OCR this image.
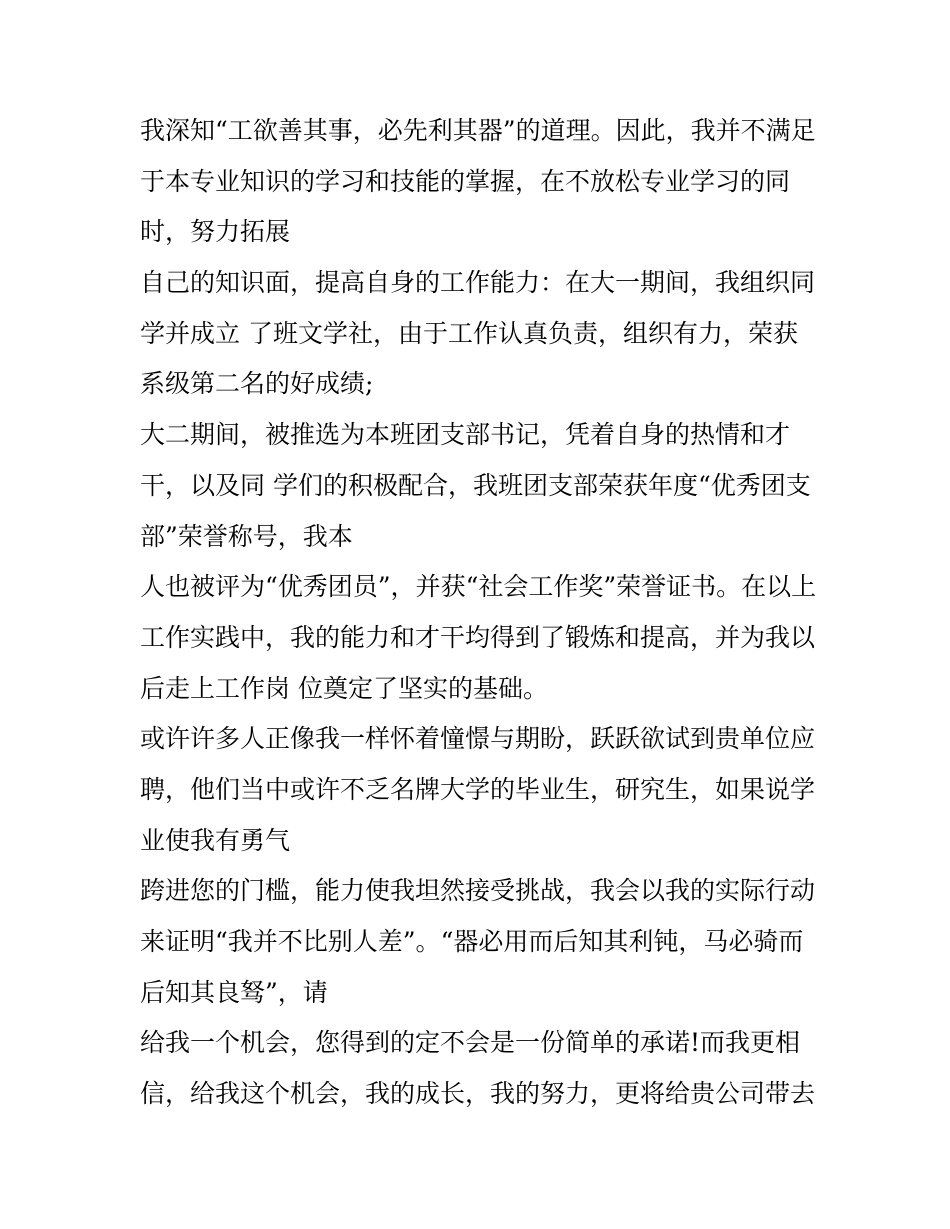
我深知“工欲善其事，必先利其器”的道理。因此，我并不满足
于本专业知识的学习和技能的掌握，在不放松专业学习的同
时，努力拓展
自己的知识面，提高自身的工作能力：在大一期间，我组织同
学并成立 了班文学社，由于工作认真负责，组织有力，荣获
系级第二名的好成绩;
大二期间，被推选为本班团支部书记，凭着自身的热情和才
干，以及同 学们的积极配合，我班团支部荣获年度“优秀团支
部”荣誉称号，我本
人也被评为“优秀团员”，并获“社会工作奖”荣誉证书。在以上
工作实践中，我的能力和才干均得到了锻炼和提高，并为我以
后走上工作岗 位奠定了坚实的基础。
或许许多人正像我一样怀着憧憬与期盼，跃跃欲试到贵单位应
聘，他们当中或许不乏名牌大学的毕业生，研究生，如果说学
业使我有勇气
跨进您的门槛，能力使我坦然接受挑战，我会以我的实际行动
来证明“我并不比别人差”。“器必用而后知其利钝，马必骑而
后知其良驽”，请
给我一个机会，您得到的定不会是一份简单的承诺!而我更相
信，给我这个机会，我的成长，我的努力，更将给贵公司带去
